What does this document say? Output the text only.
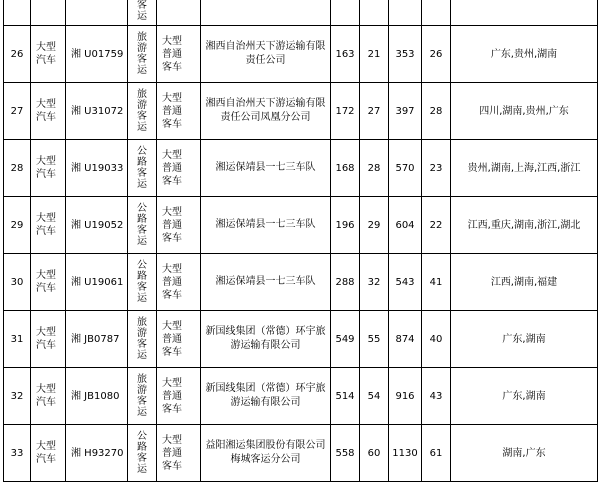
			客运							

26	大型汽车	湘 U01759	旅游客运	大型普通客车	湘西自治州天下游运输有限责任公司	163	21	353	26	广东,贵州,湖南
27	大型汽车	湘 U31072	旅游客运	大型普通客车	湘西自治州天下游运输有限责任公司凤凰分公司	172	27	397	28	四川,湖南,贵州,广东
28	大型汽车	湘 U19033	公路客运	大型普通客车	湘运保靖县一七三车队	168	28	570	23	贵州,湖南,上海,江西,浙江
29	大型汽车	湘 U19052	公路客运	大型普通客车	湘运保靖县一七三车队	196	29	604	22	江西,重庆,湖南,浙江,湖北
30	大型汽车	湘 U19061	公路客运	大型普通客车	湘运保靖县一七三车队	288	32	543	41	江西,湖南,福建
31	大型汽车	湘 JB0787	旅游客运	大型普通客车	新国线集团（常德）环宇旅游运输有限公司	549	55	874	40	广东,湖南
32	大型汽车	湘 JB1080	旅游客运	大型普通客车	新国线集团（常德）环宇旅游运输有限公司	514	54	916	43	广东,湖南
33	大型汽车	湘 H93270	公路客运	大型普通客车	益阳湘运集团股份有限公司梅城客运分公司	558	60	1130	61	湖南,广东
